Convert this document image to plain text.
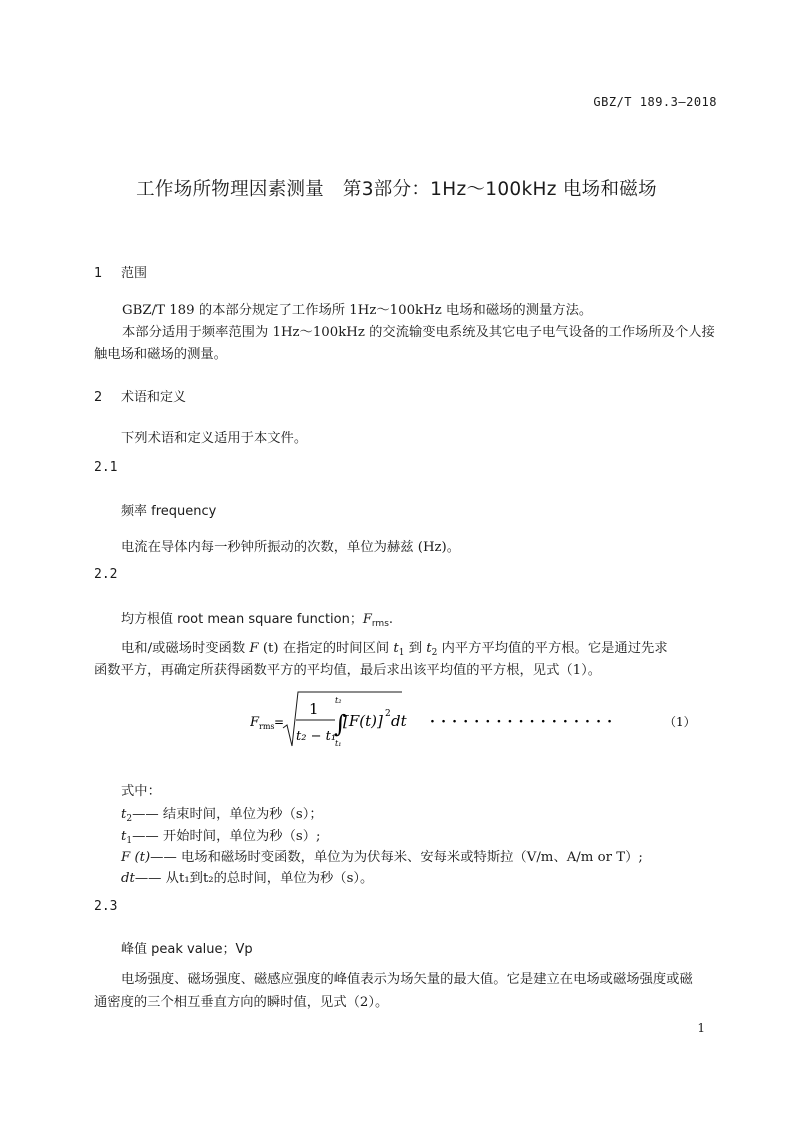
GBZ/T 189.3—2018
工作场所物理因素测量　第3部分：1Hz～100kHz 电场和磁场
1 范围
GBZ/T 189 的本部分规定了工作场所 1Hz～100kHz 电场和磁场的测量方法。
本部分适用于频率范围为 1Hz～100kHz 的交流输变电系统及其它电子电气设备的工作场所及个人接触电场和磁场的测量。
2 术语和定义
下列术语和定义适用于本文件。
2.1
频率 frequency
电流在导体内每一秒钟所振动的次数，单位为赫兹 (Hz)。
2.2
均方根值 root mean square function；$F_{rms}$.
电和/或磁场时变函数 F (t) 在指定的时间区间 $t_1$ 到 $t_2$ 内平方平均值的平方根。它是通过先求
函数平方，再确定所获得函数平方的平均值，最后求出该平均值的平方根，见式（1）。
F rms =
1
t₂ − t₁
∫
t₂
t₁
[F(t)] 2 dt ·················	（1）
式中：
$t_2——$ 结束时间，单位为秒（s）；
$t_1——$ 开始时间，单位为秒（s）;
F (t)—— 电场和磁场时变函数，单位为为伏每米、安每米或特斯拉（V/m、A/m or T）;
dt—— 从t₁到t₂的总时间，单位为秒（s）。
2.3
峰值 peak value；Vp
电场强度、磁场强度、磁感应强度的峰值表示为场矢量的最大值。它是建立在电场或磁场强度或磁
通密度的三个相互垂直方向的瞬时值，见式（2）。
1
